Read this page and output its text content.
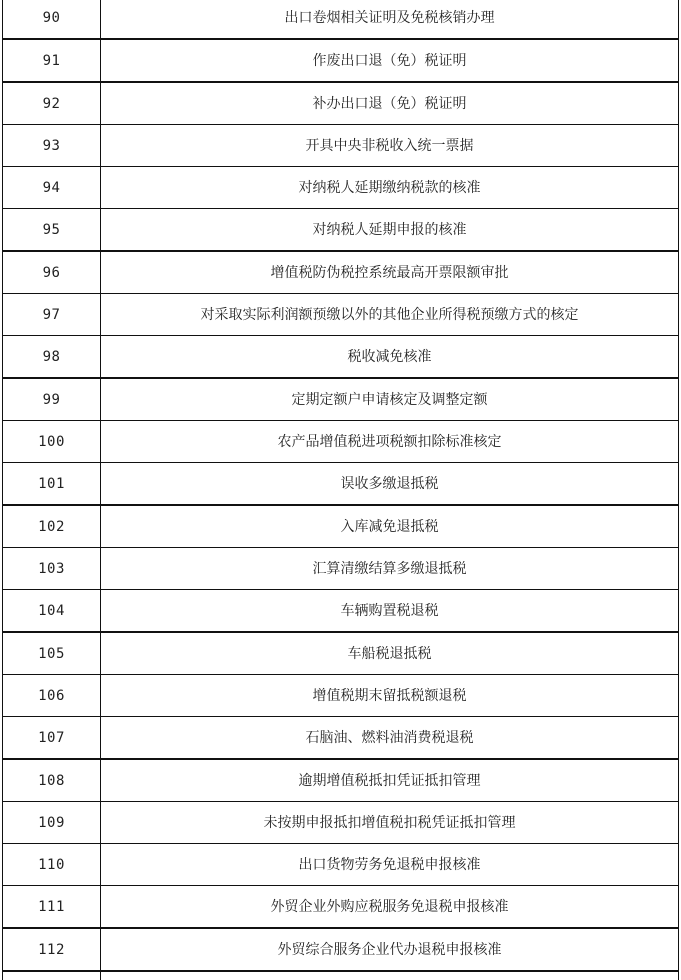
90	出口卷烟相关证明及免税核销办理
91	作废出口退（免）税证明
92	补办出口退（免）税证明
93	开具中央非税收入统一票据
94	对纳税人延期缴纳税款的核准
95	对纳税人延期申报的核准
96	增值税防伪税控系统最高开票限额审批
97	对采取实际利润额预缴以外的其他企业所得税预缴方式的核定
98	税收减免核准
99	定期定额户申请核定及调整定额
100	农产品增值税进项税额扣除标准核定
101	误收多缴退抵税
102	入库减免退抵税
103	汇算清缴结算多缴退抵税
104	车辆购置税退税
105	车船税退抵税
106	增值税期末留抵税额退税
107	石脑油、燃料油消费税退税
108	逾期增值税抵扣凭证抵扣管理
109	未按期申报抵扣增值税扣税凭证抵扣管理
110	出口货物劳务免退税申报核准
111	外贸企业外购应税服务免退税申报核准
112	外贸综合服务企业代办退税申报核准
